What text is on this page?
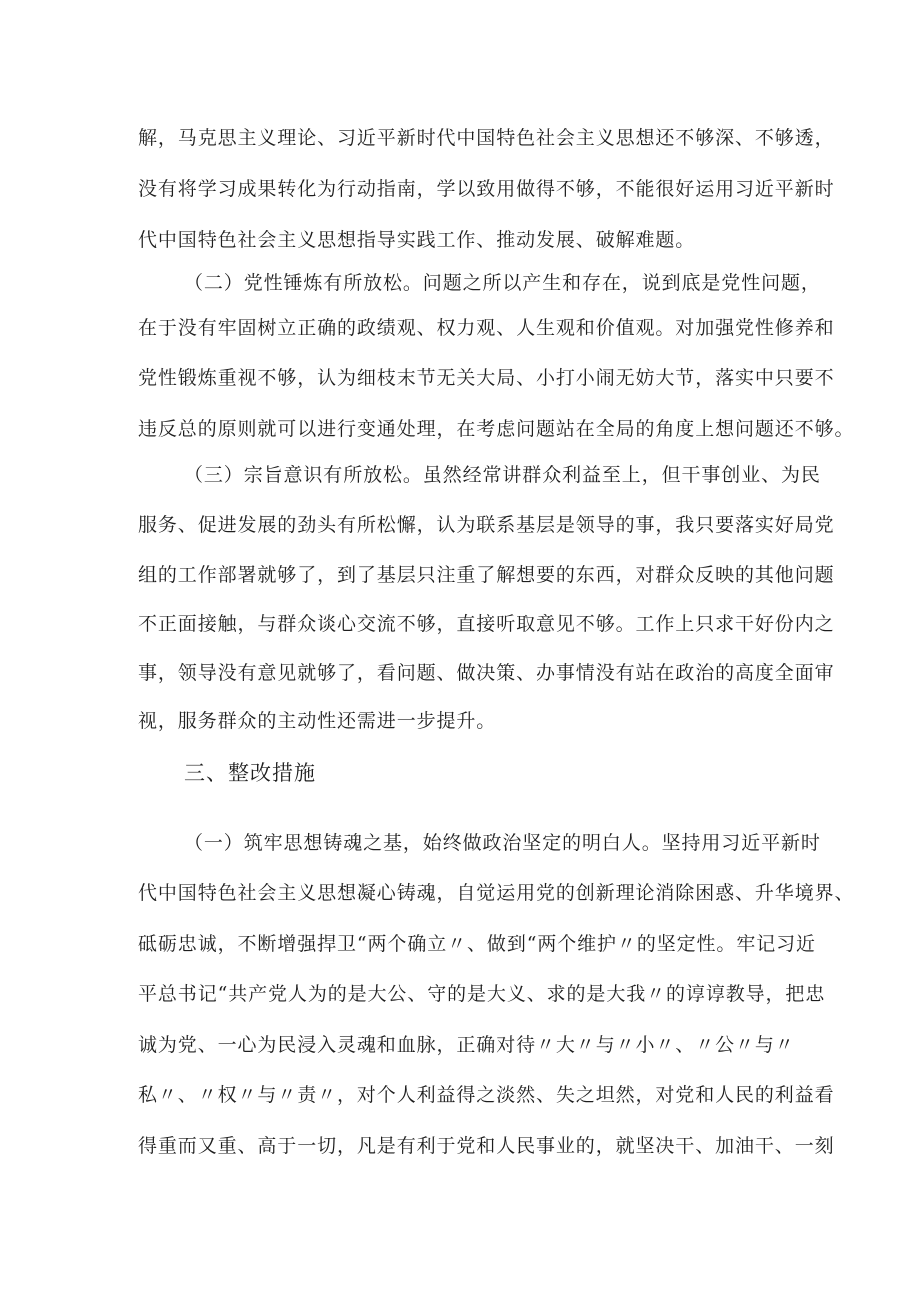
解，马克思主义理论、习近平新时代中国特色社会主义思想还不够深、不够透，
没有将学习成果转化为行动指南，学以致用做得不够，不能很好运用习近平新时
代中国特色社会主义思想指导实践工作、推动发展、破解难题。
（二）党性锤炼有所放松。问题之所以产生和存在，说到底是党性问题，
在于没有牢固树立正确的政绩观、权力观、人生观和价值观。对加强党性修养和
党性锻炼重视不够，认为细枝末节无关大局、小打小闹无妨大节，落实中只要不
违反总的原则就可以进行变通处理，在考虑问题站在全局的角度上想问题还不够。
（三）宗旨意识有所放松。虽然经常讲群众利益至上，但干事创业、为民
服务、促进发展的劲头有所松懈，认为联系基层是领导的事，我只要落实好局党
组的工作部署就够了，到了基层只注重了解想要的东西，对群众反映的其他问题
不正面接触，与群众谈心交流不够，直接听取意见不够。工作上只求干好份内之
事，领导没有意见就够了，看问题、做决策、办事情没有站在政治的高度全面审
视，服务群众的主动性还需进一步提升。
三、整改措施
（一）筑牢思想铸魂之基，始终做政治坚定的明白人。坚持用习近平新时
代中国特色社会主义思想凝心铸魂，自觉运用党的创新理论消除困惑、升华境界、
砥砺忠诚，不断增强捍卫“两个确立〃、做到“两个维护〃的坚定性。牢记习近
平总书记“共产党人为的是大公、守的是大义、求的是大我〃的谆谆教导，把忠
诚为党、一心为民浸入灵魂和血脉，正确对待〃大〃与〃小〃、〃公〃与〃
私〃、〃权〃与〃责〃，对个人利益得之淡然、失之坦然，对党和人民的利益看
得重而又重、高于一切，凡是有利于党和人民事业的，就坚决干、加油干、一刻
